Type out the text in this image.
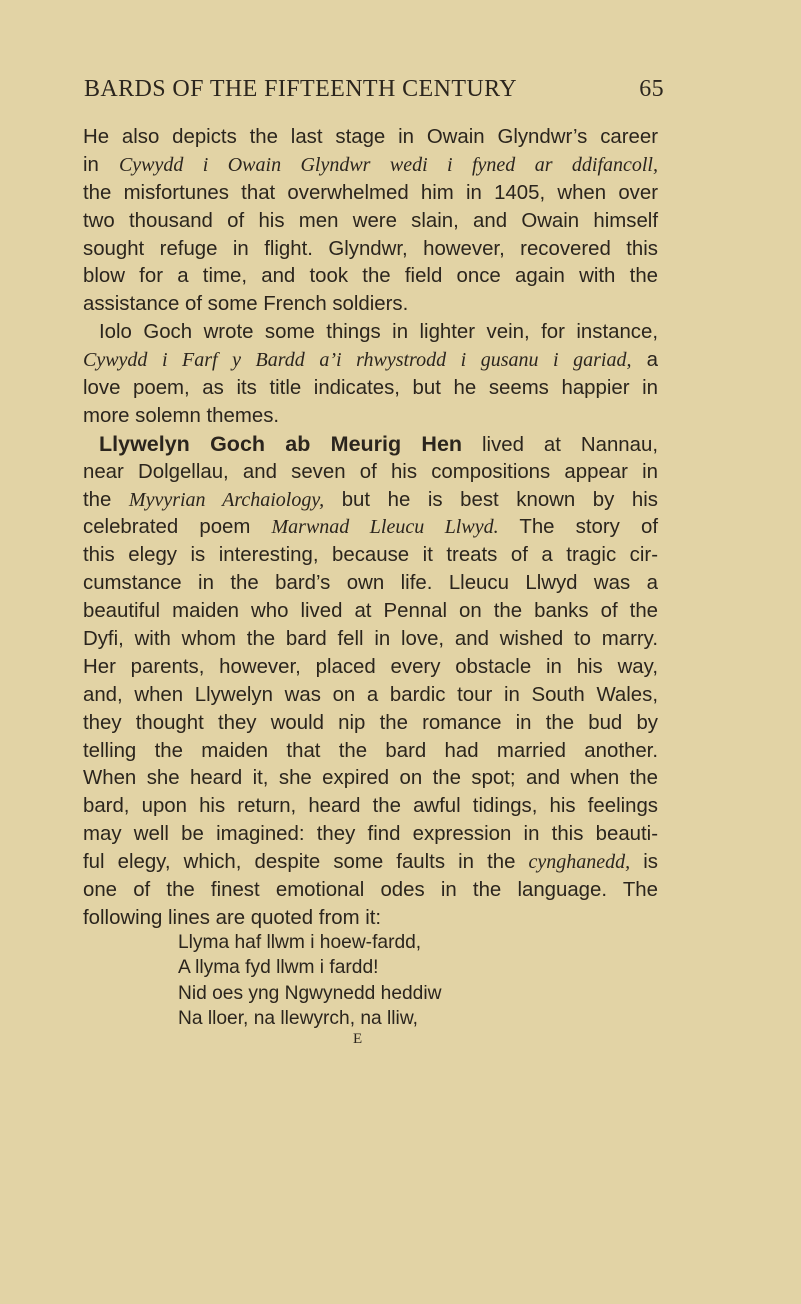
BARDS OF THE FIFTEENTH CENTURY	65
He also depicts the last stage in Owain Glyndwr’s career
in Cywydd i Owain Glyndwr wedi i fyned ar ddifancoll,
the misfortunes that overwhelmed him in 1405, when over
two thousand of his men were slain, and Owain himself
sought refuge in flight. Glyndwr, however, recovered this
blow for a time, and took the field once again with the
assistance of some French soldiers.
Iolo Goch wrote some things in lighter vein, for instance,
Cywydd i Farf y Bardd a’i rhwystrodd i gusanu i gariad, a
love poem, as its title indicates, but he seems happier in
more solemn themes.
Llywelyn Goch ab Meurig Hen lived at Nannau,
near Dolgellau, and seven of his compositions appear in
the Myvyrian Archaiology, but he is best known by his
celebrated poem Marwnad Lleucu Llwyd. The story of
this elegy is interesting, because it treats of a tragic cir-
cumstance in the bard’s own life. Lleucu Llwyd was a
beautiful maiden who lived at Pennal on the banks of the
Dyfi, with whom the bard fell in love, and wished to marry.
Her parents, however, placed every obstacle in his way,
and, when Llywelyn was on a bardic tour in South Wales,
they thought they would nip the romance in the bud by
telling the maiden that the bard had married another.
When she heard it, she expired on the spot; and when the
bard, upon his return, heard the awful tidings, his feelings
may well be imagined: they find expression in this beauti-
ful elegy, which, despite some faults in the cynghanedd, is
one of the finest emotional odes in the language. The
following lines are quoted from it:
Llyma haf llwm i hoew-fardd,
A llyma fyd llwm i fardd!
Nid oes yng Ngwynedd heddiw
Na lloer, na llewyrch, na lliw,
E
